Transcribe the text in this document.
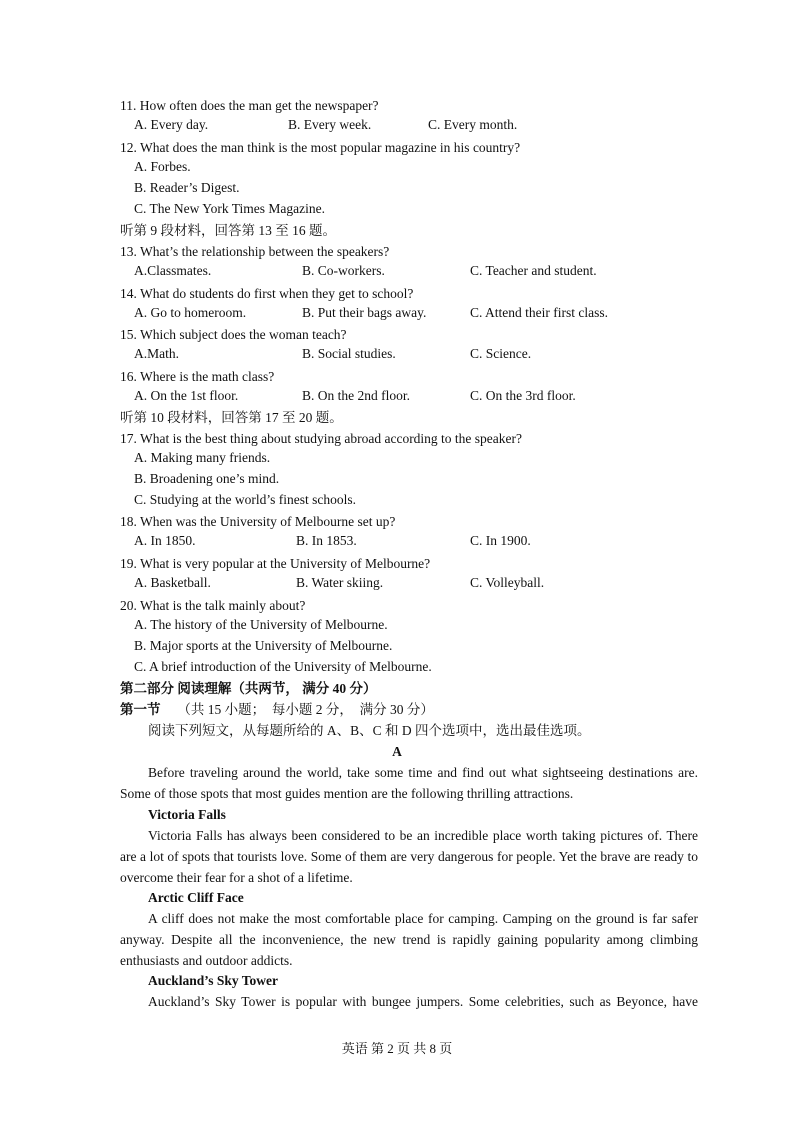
11. How often does the man get the newspaper?
A. Every day.	B. Every week.	C. Every month.
12. What does the man think is the most popular magazine in his country?
A. Forbes.
B. Reader’s Digest.
C. The New York Times Magazine.
听第 9 段材料，回答第 13 至 16 题。
13. What’s the relationship between the speakers?
A.Classmates.	B. Co-workers.	C. Teacher and student.
14. What do students do first when they get to school?
A. Go to homeroom.	B. Put their bags away.	C. Attend their first class.
15. Which subject does the woman teach?
A.Math.	B. Social studies.	C. Science.
16. Where is the math class?
A. On the 1st floor.	B. On the 2nd floor.	C. On the 3rd floor.
听第 10 段材料，回答第 17 至 20 题。
17. What is the best thing about studying abroad according to the speaker?
A. Making many friends.
B. Broadening one’s mind.
C. Studying at the world’s finest schools.
18. When was the University of Melbourne set up?
A. In 1850.	B. In 1853.	C. In 1900.
19. What is very popular at the University of Melbourne?
A. Basketball.	B. Water skiing.	C. Volleyball.
20. What is the talk mainly about?
A. The history of the University of Melbourne.
B. Major sports at the University of Melbourne.
C. A brief introduction of the University of Melbourne.
第二部分 阅读理解（共两节， 满分 40 分）
第一节     （共 15 小题；  每小题 2 分，  满分 30 分）
阅读下列短文，从每题所给的 A、B、C 和 D 四个选项中，选出最佳选项。
A
Before traveling around the world, take some time and find out what sightseeing destinations are. Some of those spots that most guides mention are the following thrilling attractions.
Victoria Falls
Victoria Falls has always been considered to be an incredible place worth taking pictures of. There are a lot of spots that tourists love. Some of them are very dangerous for people. Yet the brave are ready to overcome their fear for a shot of a lifetime.
Arctic Cliff Face
A cliff does not make the most comfortable place for camping. Camping on the ground is far safer anyway. Despite all the inconvenience, the new trend is rapidly gaining popularity among climbing enthusiasts and outdoor addicts.
Auckland’s Sky Tower
Auckland’s Sky Tower is popular with bungee jumpers. Some celebrities, such as Beyonce, have
英语 第 2 页 共 8 页
